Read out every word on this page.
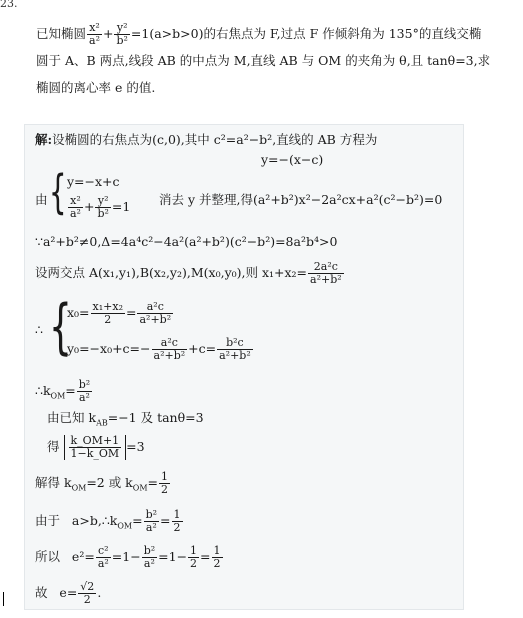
23.
已知椭圆 $\frac{\text{x²}}{\text{a²}} + \frac{\text{y²}}{\text{b²}} =1(a>b>0)$的右焦点为 F,过点 F 作倾斜角为 135°的直线交椭
圆于 A、B 两点,线段 AB 的中点为 M,直线 AB 与 OM 的夹角为 θ,且 tanθ=3,求
椭圆的离心率 e 的值.
解:设椭圆的右焦点为(c,0),其中 c²=a²−b²,直线的 AB 方程为
y=−(x−c)
由 { y=−x+c
$\frac{\text{x²}}{\text{a²}} + \frac{\text{y²}}{\text{b²}} =1$ 消去 y 并整理,得(a²+b²)x²−2a²cx+a²(c²−b²)=0
∵a²+b²≠0,Δ=4a⁴c²−4a²(a²+b²)(c²−b²)=8a²b⁴>0
设两交点 A(x₁,y₁),B(x₂,y₂),M(x₀,y₀),则 $x_1+x_2= \frac{\text{2a²c}}{\text{a²+b²}}$
∴ {
$x_0= \frac{\text{x₁+x₂}}{2} = \frac{\text{a²c}}{\text{a²+b²}}$
$y_0=-x_0+c=- \frac{\text{a²c}}{\text{a²+b²}} +c= \frac{\text{b²c}}{\text{a²+b²}}$
$\therefore k_{OM}= \frac{\text{b²}}{\text{a²}}$
由已知 $k_{AB}=-1$ 及 tanθ=3
得 $\frac{k\_OM+1}{1-k\_OM} =3$
解得 $k_{OM}=2$ 或 $k_{OM}= \frac{1}{2}$
由于   $a>b,\therefore k_{OM}= \frac{\text{b²}}{\text{a²}} = \frac{1}{2}$
所以   $e^2= \frac{\text{c²}}{\text{a²}} =1- \frac{\text{b²}}{\text{a²}} =1- \frac{1}{2} = \frac{1}{2}$
故   $e= \frac{√2}{2}$ .
